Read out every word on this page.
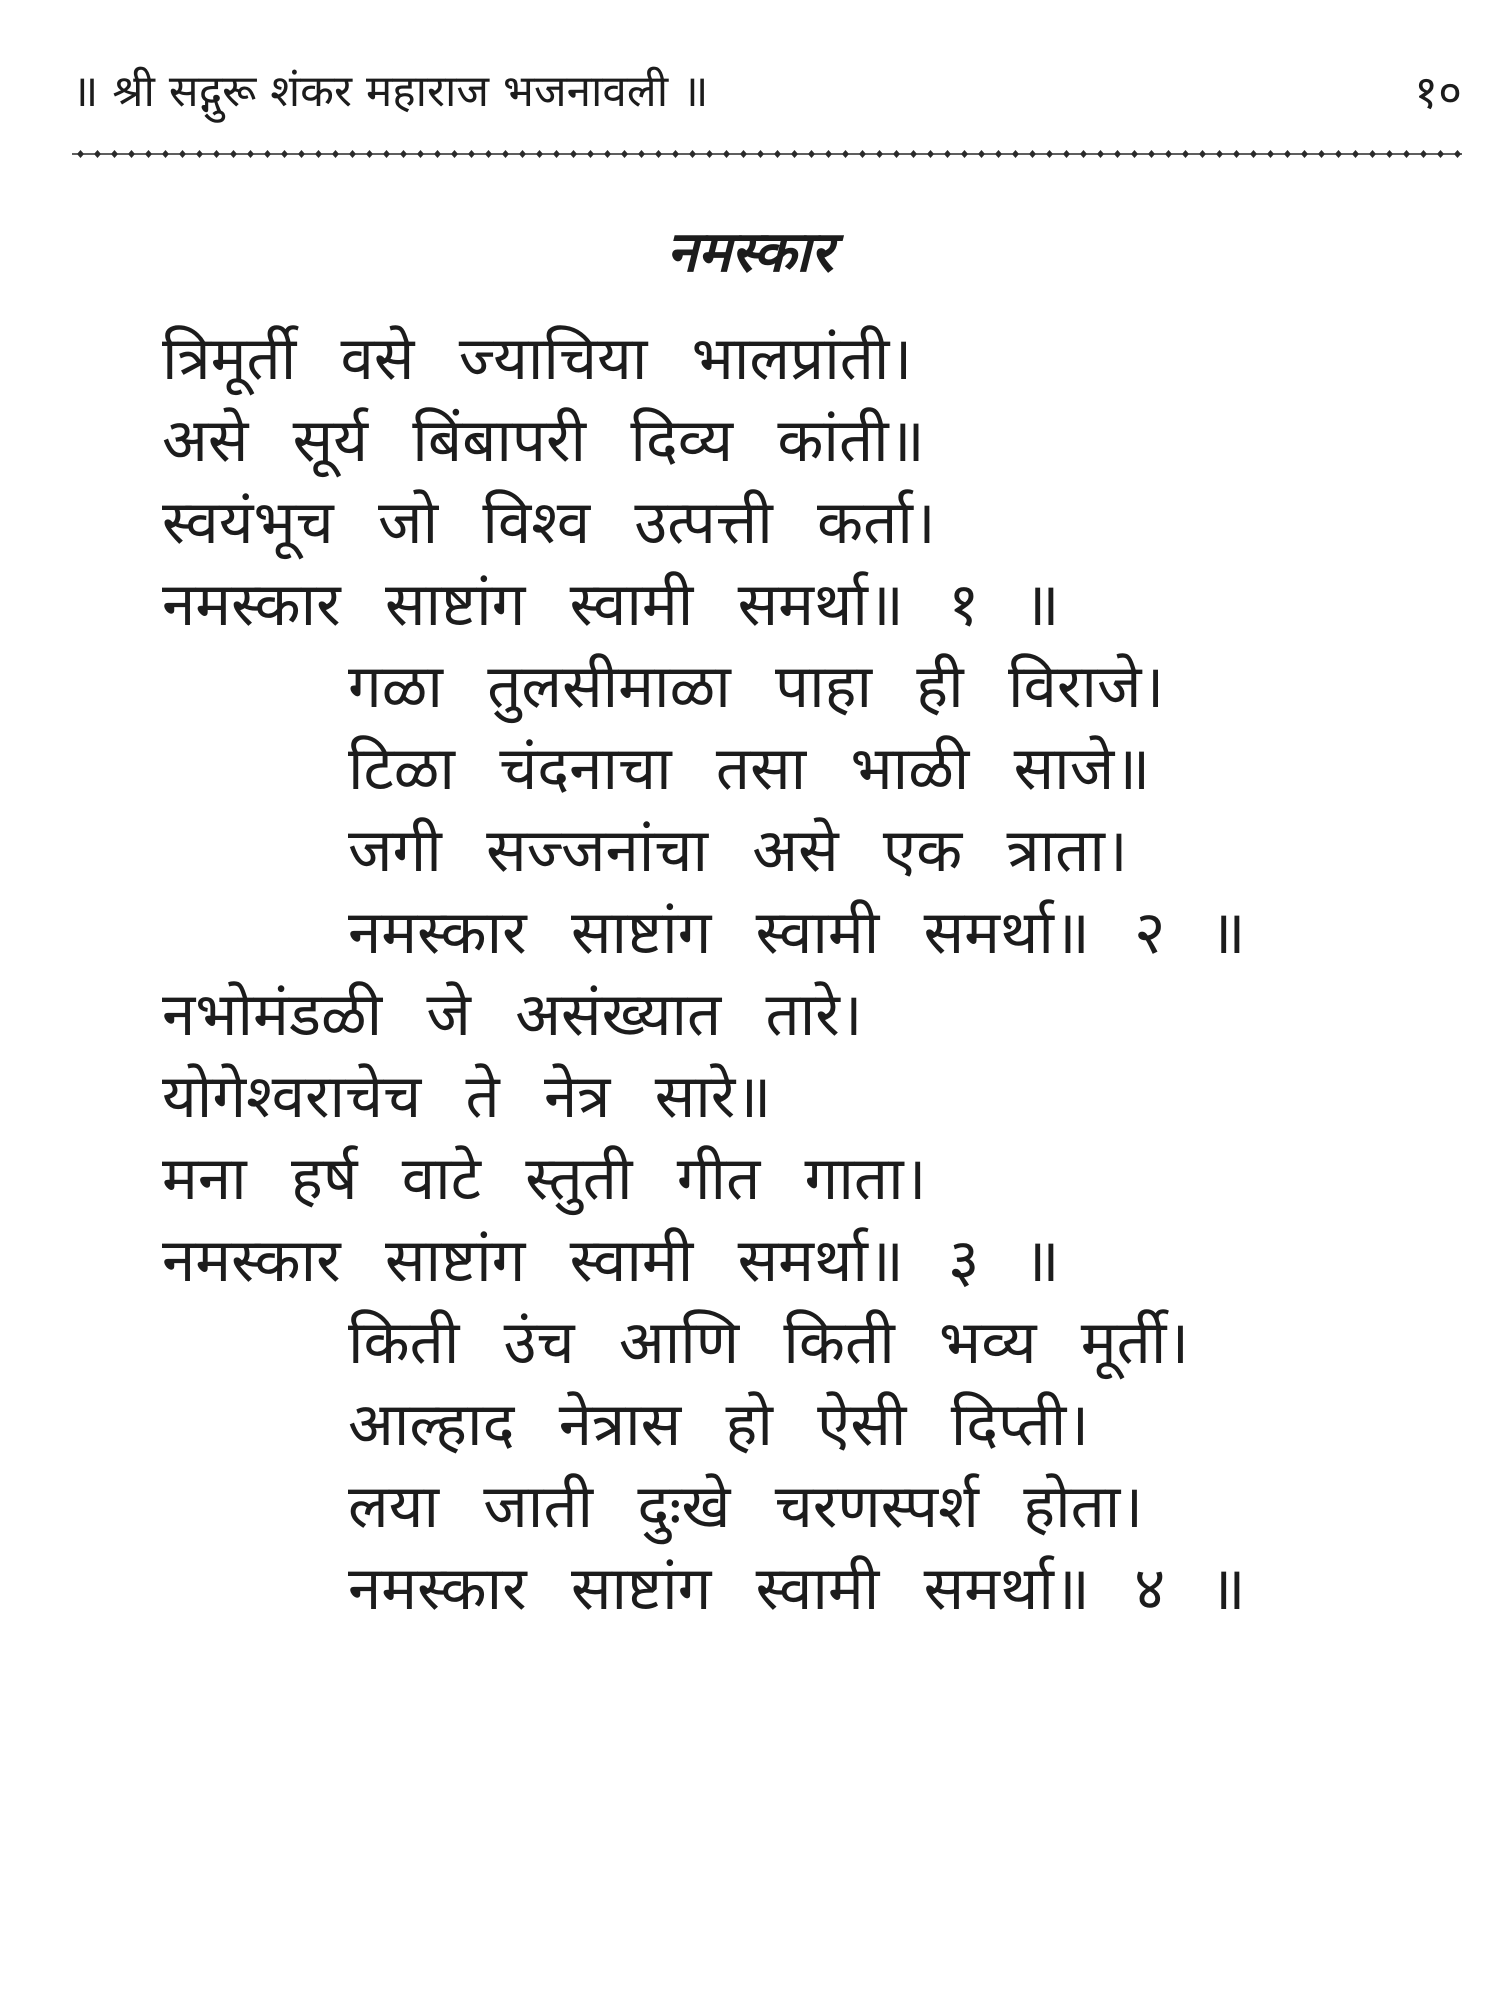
॥ श्री सद्गुरू शंकर महाराज भजनावली ॥	१०
नमस्कार
त्रिमूर्ती वसे ज्याचिया भालप्रांती।
असे सूर्य बिंबापरी दिव्य कांती॥
स्वयंभूच जो विश्व उत्पत्ती कर्ता।
नमस्कार साष्टांग स्वामी समर्था॥ १ ॥
गळा तुलसीमाळा पाहा ही विराजे।
टिळा चंदनाचा तसा भाळी साजे॥
जगी सज्जनांचा असे एक त्राता।
नमस्कार साष्टांग स्वामी समर्था॥ २ ॥
नभोमंडळी जे असंख्यात तारे।
योगेश्वराचेच ते नेत्र सारे॥
मना हर्ष वाटे स्तुती गीत गाता।
नमस्कार साष्टांग स्वामी समर्था॥ ३ ॥
किती उंच आणि किती भव्य मूर्ती।
आल्हाद नेत्रास हो ऐसी दिप्ती।
लया जाती दुःखे चरणस्पर्श होता।
नमस्कार साष्टांग स्वामी समर्था॥ ४ ॥
